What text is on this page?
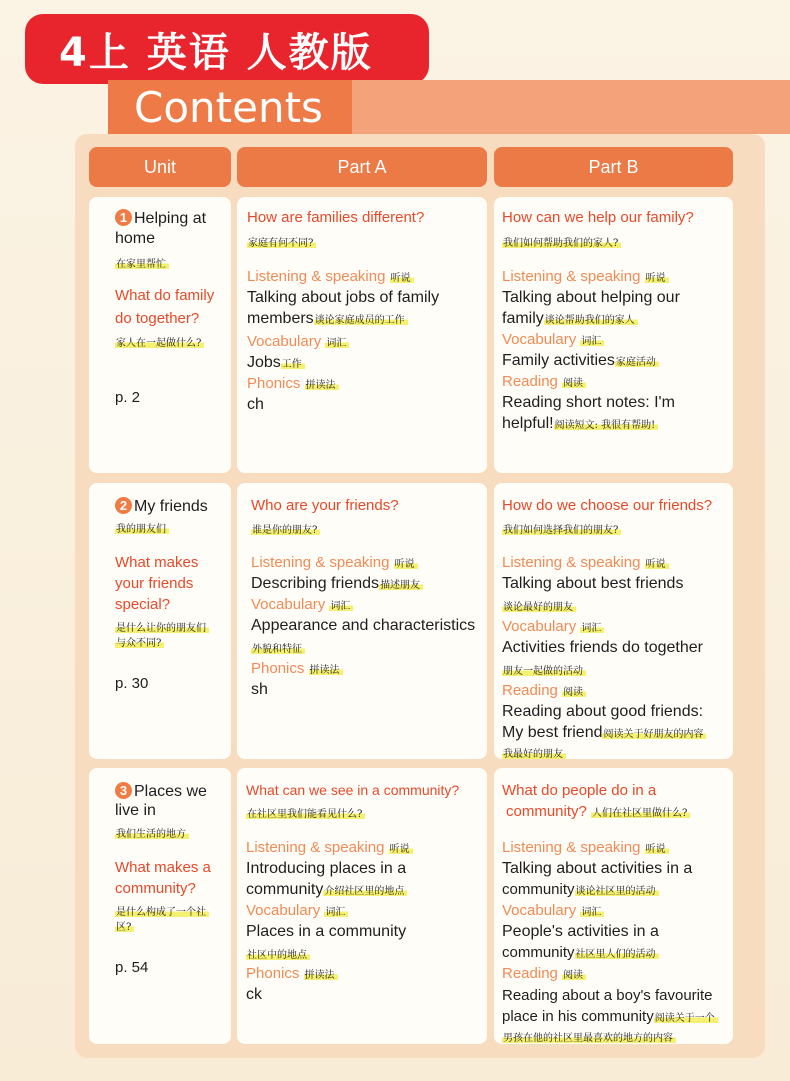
4上 英语 人教版
Contents
Unit	Part A	Part B
1 Helping at
home
在家里帮忙
What do family
do together?
家人在一起做什么?
p. 2
How are families different?
家庭有何不同?
Listening & speaking 听说
Talking about jobs of family
members谈论家庭成员的工作
Vocabulary 词汇
Jobs工作
Phonics 拼读法
ch
How can we help our family?
我们如何帮助我们的家人?
Listening & speaking 听说
Talking about helping our
family谈论帮助我们的家人
Vocabulary 词汇
Family activities家庭活动
Reading 阅读
Reading short notes: I'm
helpful!阅读短文: 我很有帮助!
2 My friends
我的朋友们
What makes
your friends
special?
是什么让你的朋友们
与众不同?
p. 30
Who are your friends?
谁是你的朋友?
Listening & speaking 听说
Describing friends描述朋友
Vocabulary 词汇
Appearance and characteristics
外貌和特征
Phonics 拼读法
sh
How do we choose our friends?
我们如何选择我们的朋友?
Listening & speaking 听说
Talking about best friends
谈论最好的朋友
Vocabulary 词汇
Activities friends do together
朋友一起做的活动
Reading 阅读
Reading about good friends:
My best friend阅读关于好朋友的内容
我最好的朋友
3 Places we
live in
我们生活的地方
What makes a
community?
是什么构成了一个社
区?
p. 54
What can we see in a community?
在社区里我们能看见什么?
Listening & speaking 听说
Introducing places in a
community介绍社区里的地点
Vocabulary 词汇
Places in a community
社区中的地点
Phonics 拼读法
ck
What do people do in a
community? 人们在社区里做什么?
Listening & speaking 听说
Talking about activities in a
community谈论社区里的活动
Vocabulary 词汇
People's activities in a
community社区里人们的活动
Reading 阅读
Reading about a boy's favourite
place in his community阅读关于一个
男孩在他的社区里最喜欢的地方的内容
